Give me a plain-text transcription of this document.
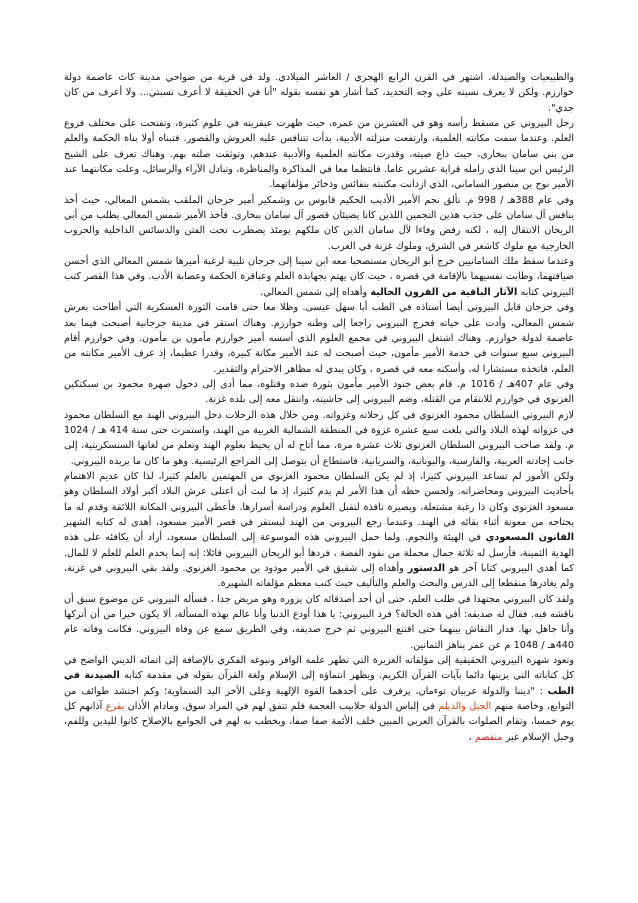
والطبيعيات والصيدلة. اشتهر في القرن الرابع الهجري / العاشر الميلادي. ولد في قرية من ضواحي مدينة كاث عاصمة دولة خوارزم. ولكن لا يعرف نسبته على وجه التحديد، كما أشار هو نفسه بقوله "أنا في الحقيقة لا أعرف نسبتي... ولا أعرف من كان جدي".

رحل البيروني عن مسقط رأسه وهو في العشرين من عمره، حيث ظهرت عبقريته في علوم كثيرة، وتفتحت على مختلف فروع العلم. وعندما سمت مكانته العلمية، وارتفعت منزلته الأدبية، بدأت تتنافس عليه العروش والقصور. فتبناه أولا بناة الحكمة والعلم من بني سامان ببخارى، حيث ذاع صيته، وقدرت مكانته العلمية والأدبية عندهم، وتوثقت صلته بهم. وهناك تعرف على الشيخ الرئيس ابن سينا الذي زامله قرابة عشرين عاما. فانتظما معا في المذاكرة والمناظرة، وتبادل الآراء والرسائل، وعلت مكانتهما عند الأمير نوح بن منصور الساماني، الذي ازدانت مكتبته بنفائس وذخائر مؤلفاتهما.

وفي عام 388هـ / 998 م. تألق نجم الأمير الأديب الحكيم قابوس بن وشمكير أمير جرجان الملقب بشمس المعالي، حيث أخذ ينافس آل سامان على جذب هذين النجمين اللذين كانا يضيئان قصور آل سامان ببخارى. فأخذ الأمير شمس المعالي يطلب من أبي الريحان الانتقال إليه ، لكنه رفض وفاءا لآل سامان الذين كان ملكهم يومئذ يضطرب تحت الفتن والدسائس الداخلية والحروب الخارجية مع ملوك كاشغر في الشرق، وملوك غزنة في الغرب.

وعندما سقط ملك السامانيين خرج أبو الريحان مستصحبا معه ابن سينا إلى جرجان تلبية لرغبة أميرها شمس المعالي الذي أحسن ضيافتهما، وطابت نفسيهما بالإقامة في قصره ، حيث كان يهتم بجهابذة العلم وعباقرة الحكمة وعصابة الأدب. وفي هذا القصر كتب البيروني كتابه الآثار الباقية من القرون الخالية وأهداه إلى شمس المعالي.

وفي جرجان قابل البيروني أيضا أستاذه في الطب أبا سهل عيسى. وظلا معا حتى قامت الثورة العسكرية التي أطاحت بعرش شمس المعالي، وأدت على حياته فخرج البيروني راجعا إلى وطنه خوارزم. وهناك استقر في مدينة جرجانية أصبحت فيما بعد عاصمة لدولة خوارزم. وهناك اشتغل البيروني في مجمع العلوم الذي أسسه أمير خوارزم مأمون بن مأمون. وفي خوارزم أقام البيروني سبع سنوات في خدمة الأمير مأمون، حيث أصبحت له عند الأمير مكانة كبيرة، وقدرا عظيما، إذ عرف الأمير مكانته من العلم، فاتخذه مستشارا له، وأسكنه معه في قصره ، وكان يبدي له مظاهر الاحترام والتقدير.

وفي عام 407هـ / 1016 م. قام بعض جنود الأمير مأمون بثورة ضده وقتلوه، مما أدى إلى دخول صهره محمود بن سبكتكين الغزنوي في خوارزم للانتقام من القتلة، وضم البيروني إلى حاشيته، وانتقل معه إلى بلده غزنة.

لازم البيروني السلطان محمود الغزنوي في كل رحلاته وغزواته. ومن خلال هذه الرحلات دخل البيروني الهند مع السلطان محمود في غزواته لهذه البلاد والتي بلغت سبع عشرة غزوة في المنطقة الشمالية الغربية من الهند، واستمرت حتى سنة 414 هـ / 1024 م. ولقد صاحب البيروني السلطان الغزنوي ثلاث عشرة مرة، مما أتاح له أن يحيط بعلوم الهند وتعلم من لغاتها السنسكريتية، إلى جانب إجادته العربية، والفارسية، واليونانية، والسريانية، فاستطاع أن يتوصل إلى المراجع الرئيسية. وهو ما كان ما يريده البيروني.

ولكن الأمور لم تساعد البيروني كثيرا، إذ لم يكن السلطان محمود الغزنوي من المهتمين بالعلم كثيرا، لذا كان عديم الاهتمام بأحاديث البيروني ومحاضراته. ولحسن حظه أن هذا الأمر لم يدم كثيرا، إذ ما لبث أن اعتلى عرش البلاد أكبر أولاد السلطان وهو مسعود الغزنوي وكان ذا رغبة مشتعلة، وبصيرة نافذة لتقبل العلوم ودراسة أسرارها. فأعطى البيروني المكانة اللائقة وقدم له ما يحتاجه من معونة أثناء بقائه في الهند. وعندما رجع البيروني من الهند ليستقر في قصر الأمير مسعود، أهدى له كتابه الشهير القانون المسعودي في الهيئة والنجوم. ولما حمل البيروني هذه الموسوعة إلى السلطان مسعود، أراد أن يكافئه على هذه الهدية الثمينة، فأرسل له ثلاثة جمال محملة من نقود الفضة ، فردها أبو الريحان البيروني قائلا: إنه إنما يخدم العلم للعلم لا للمال. كما أهدى البيروني كتابا آخر هو الدستور وأهداه إلى شقيق في الأمير مودود بن محمود الغزنوي. ولقد بقي البيروني في غزنة، ولم يغادرها منقطعا إلى الدرس والبحث والعلم والتأليف حيث كتب معظم مؤلفاته الشهيرة.

ولقد كان البيروني مجتهدا في طلب العلم، حتى أن أحد أصدقائه كان يزوره وهو مريض جدا ، فسأله البيروني عن موضوع سبق أن ناقشه فيه. فقال له صديقه: أفي هذه الحالة؟ فرد البيروني: يا هذا أودع الدنيا وأنا عالم بهذه المسألة، ألا يكون خيرا من أن أتركها وأنا جاهل بها. فدار النقاش بينهما حتى اقتنع البيروني ثم خرج صديقه، وفي الطريق سمع عن وفاة البيروني. فكانت وفاته عام 440هـ / 1048 م عن عمر يناهز الثمانين.

وتعود شهرة البيروني الحقيقية إلى مؤلفاته الغزيرة التي تظهر علمه الوافر ونبوغه الفكري بالإضافة إلى اتمائه الديني الواضح في كل كتاباته التي يزينها دائما بآيات القرآن الكريم. ويظهر انتماؤه إلى الإسلام ولغة القرآن بقوله في مقدمة كتابه الصيدنة في الطب : "ديننا والدولة عربيان توءمان، يرفرف على أحدهما القوة الإلهية وعلى الآخر اليد السماوية؛ وكم احتشد طوائف من التوابع، وخاصة منهم الجيل والديلم في إلباس الدولة جلابيب العجمة فلم تتفق لهم في المراد سوق. ومادام الأذان يقرع آذانهم كل يوم خمسا، وتقام الصلوات بالقرآن العربي المبين خلف الأئمة صفا صفا، ويخطب به لهم في الجوامع بالإصلاح كانوا لليدين وللفم، وحبل الإسلام غير منفصم ،
